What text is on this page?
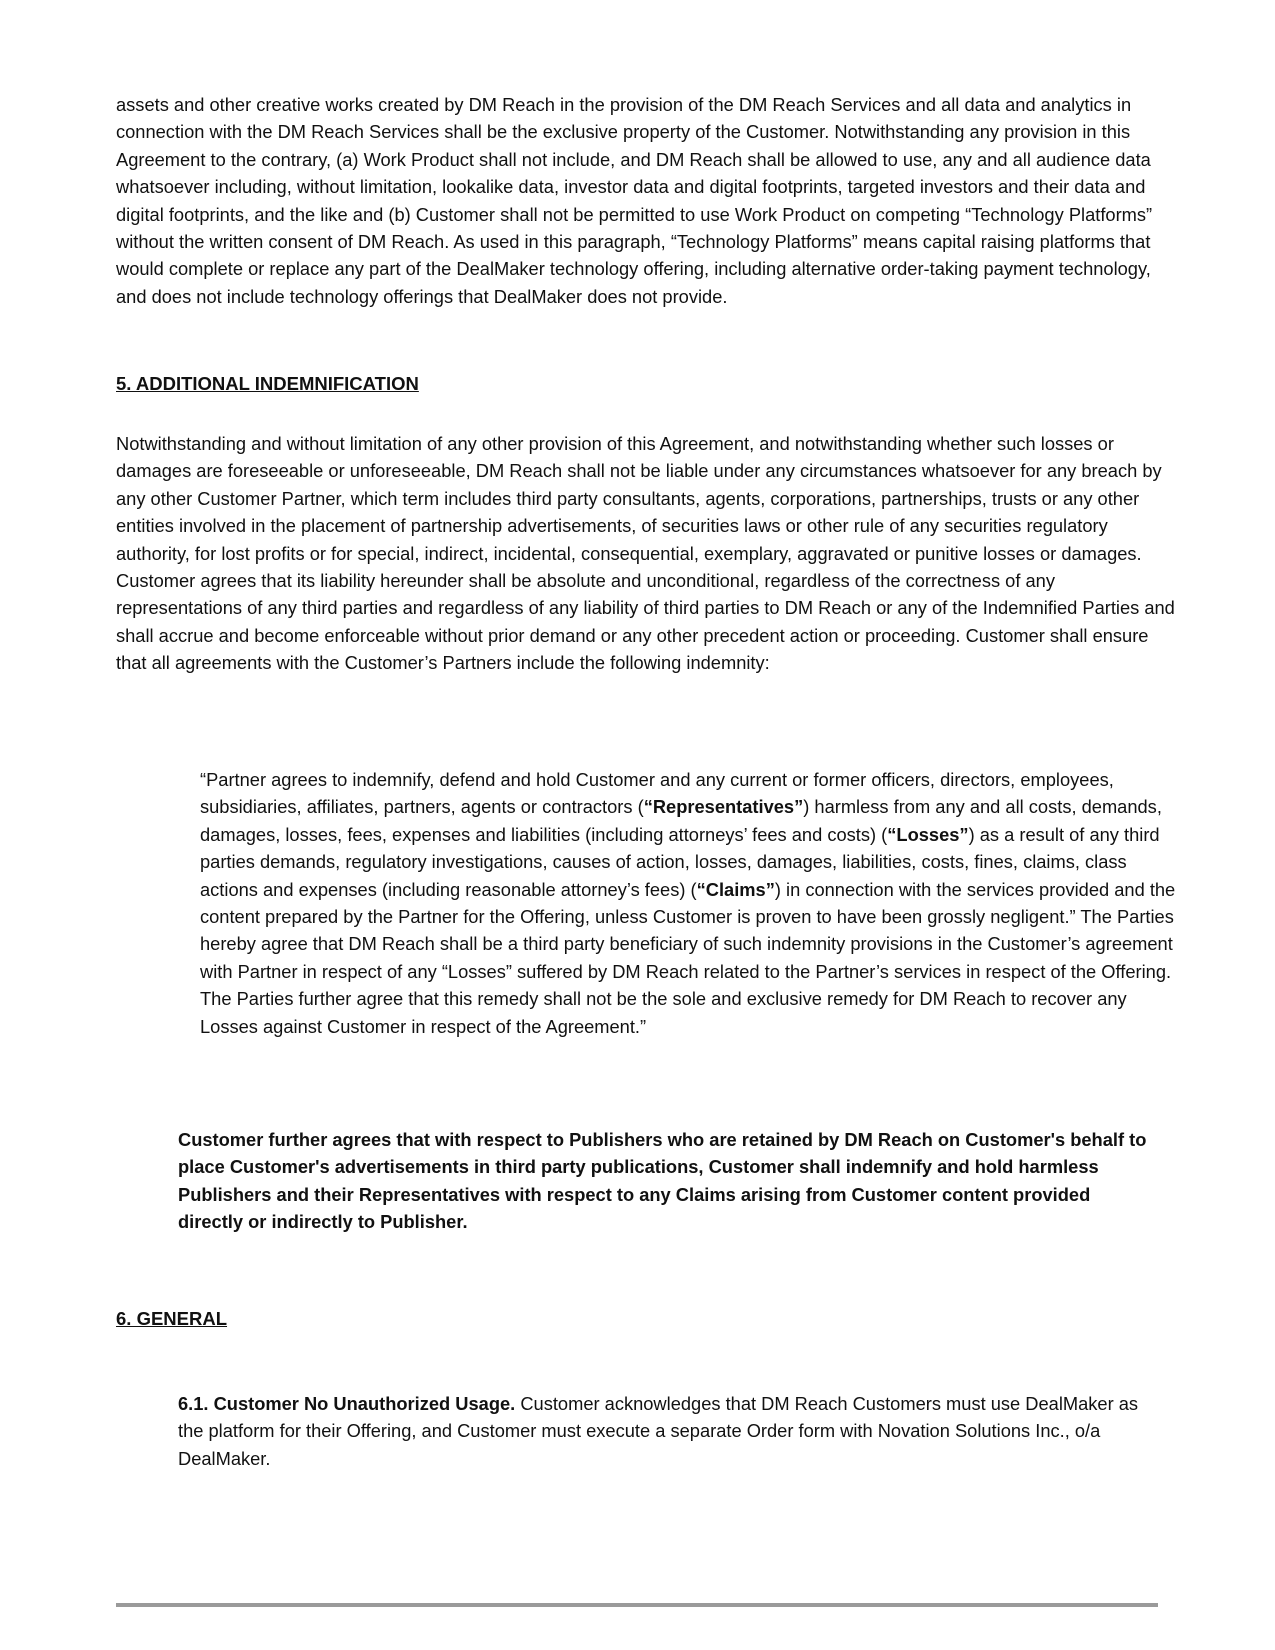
assets and other creative works created by DM Reach in the provision of the DM Reach Services and all data and analytics in connection with the DM Reach Services shall be the exclusive property of the Customer. Notwithstanding any provision in this Agreement to the contrary, (a) Work Product shall not include, and DM Reach shall be allowed to use, any and all audience data whatsoever including, without limitation, lookalike data, investor data and digital footprints, targeted investors and their data and digital footprints, and the like and (b) Customer shall not be permitted to use Work Product on competing “Technology Platforms” without the written consent of DM Reach. As used in this paragraph, “Technology Platforms” means capital raising platforms that would complete or replace any part of the DealMaker technology offering, including alternative order-taking payment technology, and does not include technology offerings that DealMaker does not provide.

5. ADDITIONAL INDEMNIFICATION

Notwithstanding and without limitation of any other provision of this Agreement, and notwithstanding whether such losses or damages are foreseeable or unforeseeable, DM Reach shall not be liable under any circumstances whatsoever for any breach by any other Customer Partner, which term includes third party consultants, agents, corporations, partnerships, trusts or any other entities involved in the placement of partnership advertisements, of securities laws or other rule of any securities regulatory authority, for lost profits or for special, indirect, incidental, consequential, exemplary, aggravated or punitive losses or damages. Customer agrees that its liability hereunder shall be absolute and unconditional, regardless of the correctness of any representations of any third parties and regardless of any liability of third parties to DM Reach or any of the Indemnified Parties and shall accrue and become enforceable without prior demand or any other precedent action or proceeding. Customer shall ensure that all agreements with the Customer’s Partners include the following indemnity:

“Partner agrees to indemnify, defend and hold Customer and any current or former officers, directors, employees, subsidiaries, affiliates, partners, agents or contractors (“Representatives”) harmless from any and all costs, demands, damages, losses, fees, expenses and liabilities (including attorneys’ fees and costs) (“Losses”) as a result of any third parties demands, regulatory investigations, causes of action, losses, damages, liabilities, costs, fines, claims, class actions and expenses (including reasonable attorney’s fees) (“Claims”) in connection with the services provided and the content prepared by the Partner for the Offering, unless Customer is proven to have been grossly negligent.” The Parties hereby agree that DM Reach shall be a third party beneficiary of such indemnity provisions in the Customer’s agreement with Partner in respect of any “Losses” suffered by DM Reach related to the Partner’s services in respect of the Offering. The Parties further agree that this remedy shall not be the sole and exclusive remedy for DM Reach to recover any Losses against Customer in respect of the Agreement.”

Customer further agrees that with respect to Publishers who are retained by DM Reach on Customer's behalf to place Customer's advertisements in third party publications, Customer shall indemnify and hold harmless Publishers and their Representatives with respect to any Claims arising from Customer content provided directly or indirectly to Publisher.

6. GENERAL

6.1. Customer No Unauthorized Usage. Customer acknowledges that DM Reach Customers must use DealMaker as the platform for their Offering, and Customer must execute a separate Order form with Novation Solutions Inc., o/a DealMaker.
